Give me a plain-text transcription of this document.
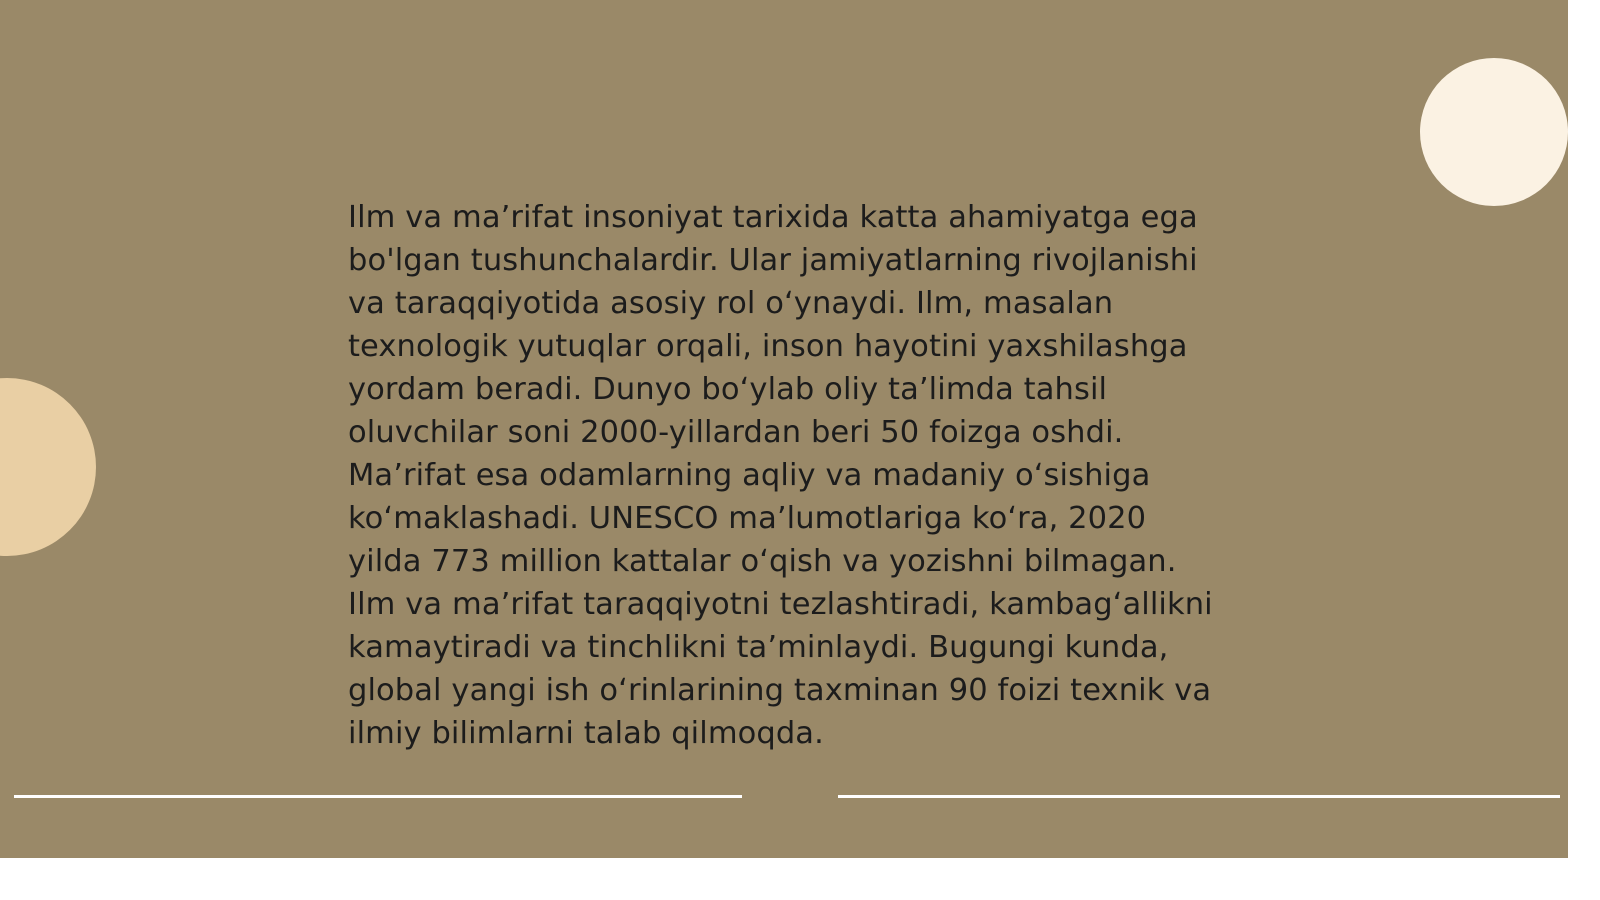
Ilm va ma’rifat insoniyat tarixida katta ahamiyatga ega bo'lgan tushunchalardir. Ular jamiyatlarning rivojlanishi va taraqqiyotida asosiy rol o‘ynaydi. Ilm, masalan texnologik yutuqlar orqali, inson hayotini yaxshilashga yordam beradi. Dunyo bo‘ylab oliy ta’limda tahsil oluvchilar soni 2000-yillardan beri 50 foizga oshdi. Ma’rifat esa odamlarning aqliy va madaniy o‘sishiga ko‘maklashadi. UNESCO ma’lumotlariga ko‘ra, 2020 yilda 773 million kattalar o‘qish va yozishni bilmagan. Ilm va ma’rifat taraqqiyotni tezlashtiradi, kambag‘allikni kamaytiradi va tinchlikni ta’minlaydi. Bugungi kunda, global yangi ish o‘rinlarining taxminan 90 foizi texnik va ilmiy bilimlarni talab qilmoqda.
